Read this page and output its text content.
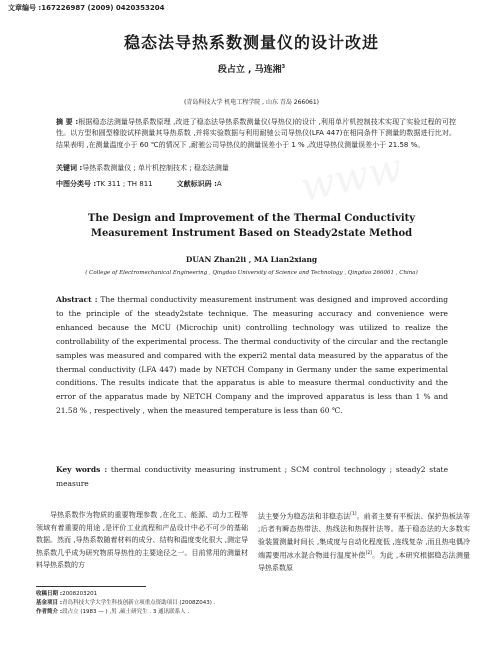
文章编号 :167226987 (2009) 0420353204
稳态法导热系数测量仪的设计改进
段占立 , 马连湘$^3$
(青岛科技大学 机电工程学院 , 山东 青岛 266061)
摘 要 :根据稳态法测量导热系数原理 ,改进了稳态法导热系数测量仪(导热仪)的设计 ,利用单片机控制技术实现了实验过程的可控性。以方型和圆型橡胶试样测量其导热系数 ,并将实验数据与利用耐驰公司导热仪(LFA 447)在相同条件下测量的数据进行比对。结果表明 ,在测量温度小于 60 ℃的情况下 ,耐驰公司导热仪的测量误差小于 1 % ,改进导热仪测量误差小于 21.58 %。
关键词 :导热系数测量仪 ; 单片机控制技术 ; 稳态法测量
中图分类号 :TK 311 ; TH 811	文献标识码 :A
The Design and Improvement of the Thermal Conductivity
Measurement Instrument Based on Steady2state Method
DUAN Zhan2li , MA Lian2xiang
( College of Electromechanical Engineering , Qingdao University of Science and Technology , Qingdao 266061 , China)
Abstract : The thermal conductivity measurement instrument was designed and improved according to the principle of the steady2state technique. The measuring accuracy and convenience were enhanced because the MCU (Microchip unit) controlling technology was utilized to realize the controllability of the experimental process. The thermal conductivity of the circular and the rectangle samples was measured and compared with the experi2 mental data measured by the apparatus of the thermal conductivity (LFA 447) made by NETCH Company in Germany under the same experimental conditions. The results indicate that the apparatus is able to measure thermal conductivity and the error of the apparatus made by NETCH Company and the improved apparatus is less than 1 % and 21.58 % , respectively , when the measured temperature is less than 60 ℃.
Key words : thermal conductivity measuring instrument ; SCM control technology ; steady2 state measure
导热系数作为物质的重要物理参数 ,在化工、能源、动力工程等领域有着重要的用途 ,是评价工业流程和产品设计中必不可少的基础数据。然而 ,导热系数随着材料的成分、结构和温度变化很大 ,测定导热系数几乎成为研究物质导热性的主要途径之一。目前常用的测量材料导热系数的方
法主要分为稳态法和非稳态法[1]。前者主要有平板法、保护热板法等 ;后者有瞬态热带法、热线法和热探针法等。基于稳态法的大多数实验装置测量时间长 ,集成度与自动化程度低 ,连线复杂 ,而且热电偶冷端需要用冰水混合物进行温度补偿[2]。为此 ,本研究根据稳态法测量导热系数原
收稿日期 :2008203201
基金项目 :青岛科技大学大学生科技创新立项重点资助项目 (2008Z043) .
作者简介 :段占立 (1983 — ) ,男 ,硕士研究生 . 3 通讯联系人 .
